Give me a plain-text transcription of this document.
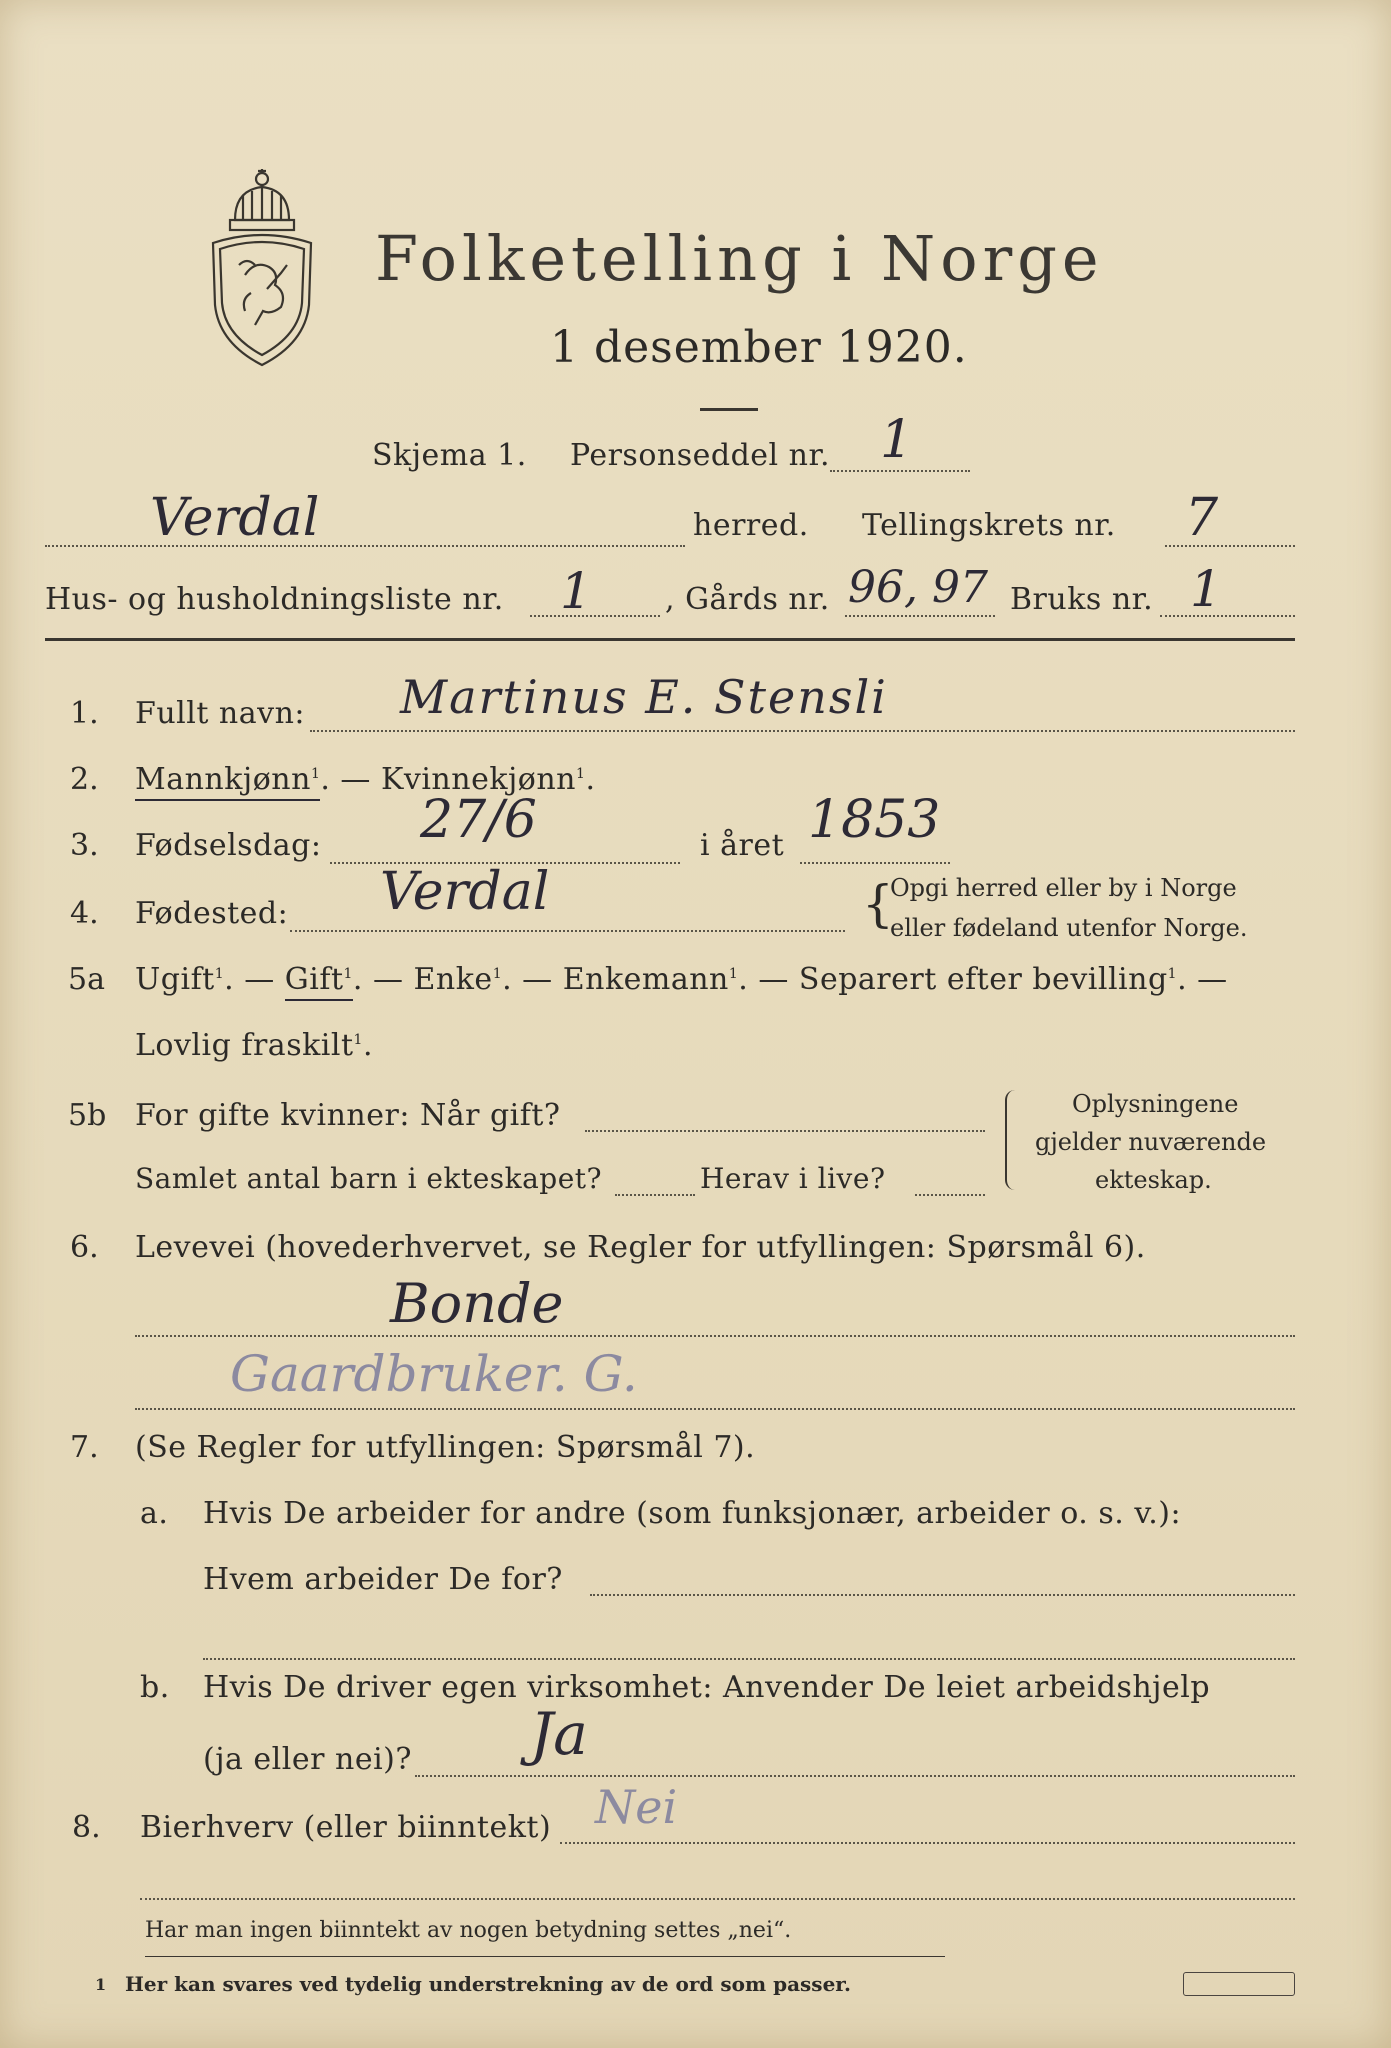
Folketelling i Norge
1 desember 1920.
Skjema 1. Personseddel nr. 1
Verdal	herred. Tellingskrets nr. 7
Hus- og husholdningsliste nr. 1 , Gårds nr. 96, 97 Bruks nr. 1
1. Fullt navn: Martinus E. Stensli
2. Mannkjønn$^1$. — Kvinnekjønn$^1$.
3. Fødselsdag: 27/6	i året 1853
4. Fødested: Verdal	{
Opgi herred eller by i Norge
eller fødeland utenfor Norge.
5a Ugift$^1$. — Gift$^1$. — Enke$^1$. — Enkemann$^1$. — Separert efter bevilling$^1$. —
Lovlig fraskilt$^1$.
5b For gifte kvinner: Når gift?
Samlet antal barn i ekteskapet?	Herav i live?
Oplysningene
gjelder nuværende
ekteskap.
6. Levevei (hovederhvervet, se Regler for utfyllingen: Spørsmål 6).
Bonde
Gaardbruker. G.
7. (Se Regler for utfyllingen: Spørsmål 7).
a. Hvis De arbeider for andre (som funksjonær, arbeider o. s. v.):
Hvem arbeider De for?
b. Hvis De driver egen virksomhet: Anvender De leiet arbeidshjelp
(ja eller nei)? Ja
8. Bierhverv (eller biinntekt) Nei
Har man ingen biinntekt av nogen betydning settes „nei“.
1 Her kan svares ved tydelig understrekning av de ord som passer.
